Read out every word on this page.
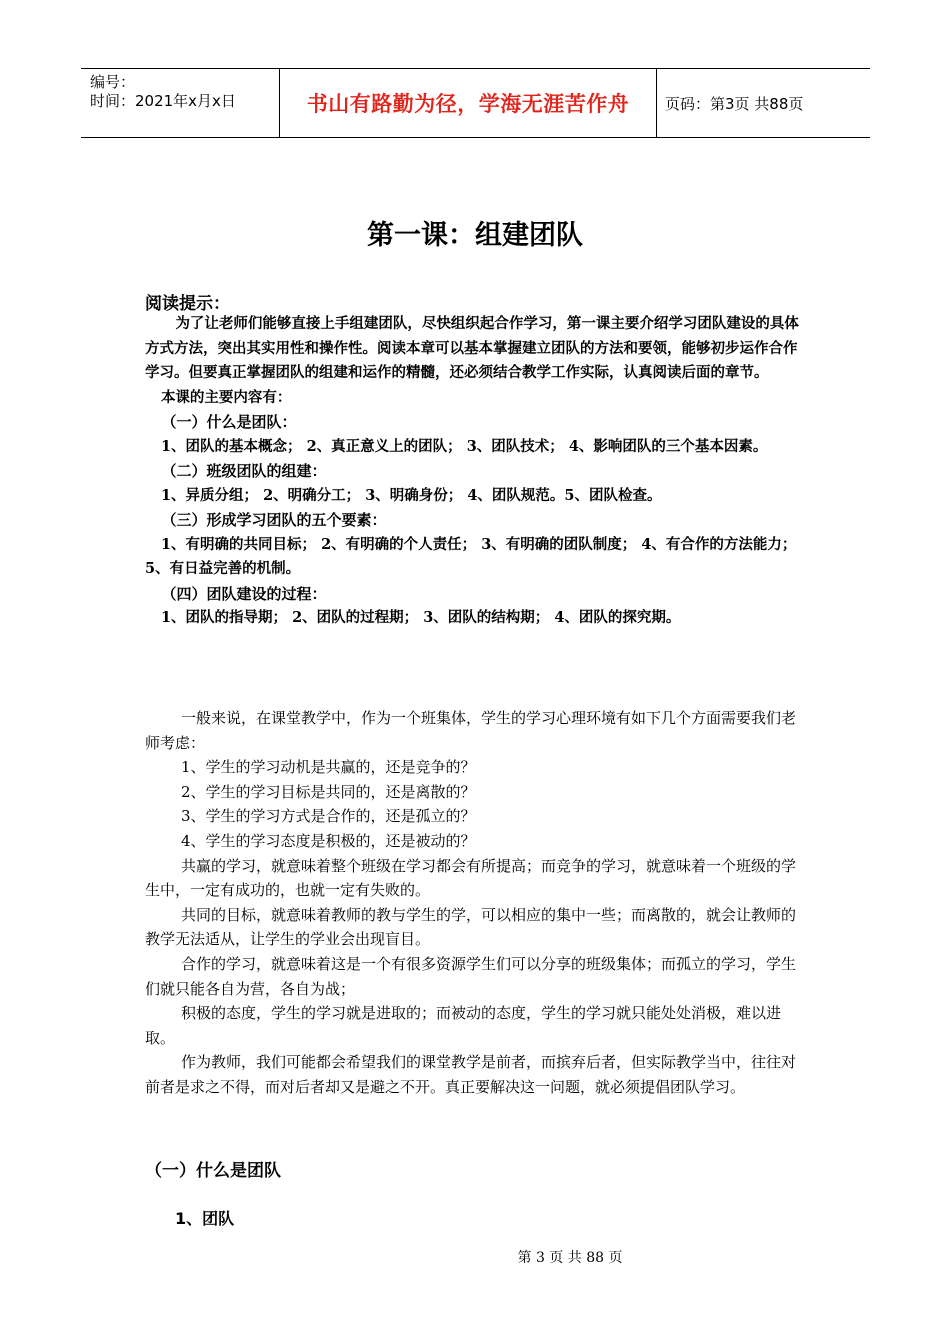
编号：
时间：2021年x月x日	书山有路勤为径，学海无涯苦作舟	页码：第3页 共88页
第一课：组建团队
阅读提示：

为了让老师们能够直接上手组建团队，尽快组织起合作学习，第一课主要介绍学习团队建设的具体方式方法，突出其实用性和操作性。阅读本章可以基本掌握建立团队的方法和要领，能够初步运作合作学习。但要真正掌握团队的组建和运作的精髓，还必须结合教学工作实际，认真阅读后面的章节。

本课的主要内容有：

（一）什么是团队：

1、团队的基本概念； 2、真正意义上的团队； 3、团队技术； 4、影响团队的三个基本因素。

（二）班级团队的组建：

1、异质分组； 2、明确分工； 3、明确身份； 4、团队规范。5、团队检查。

（三）形成学习团队的五个要素：

1、有明确的共同目标； 2、有明确的个人责任； 3、有明确的团队制度； 4、有合作的方法能力； 5、有日益完善的机制。

（四）团队建设的过程：

1、团队的指导期； 2、团队的过程期； 3、团队的结构期； 4、团队的探究期。

一般来说，在课堂教学中，作为一个班集体，学生的学习心理环境有如下几个方面需要我们老师考虑：

1、学生的学习动机是共赢的，还是竞争的？

2、学生的学习目标是共同的，还是离散的？

3、学生的学习方式是合作的，还是孤立的？

4、学生的学习态度是积极的，还是被动的？

共赢的学习，就意味着整个班级在学习都会有所提高；而竞争的学习，就意味着一个班级的学生中，一定有成功的，也就一定有失败的。

共同的目标，就意味着教师的教与学生的学，可以相应的集中一些；而离散的，就会让教师的教学无法适从，让学生的学业会出现盲目。

合作的学习，就意味着这是一个有很多资源学生们可以分享的班级集体；而孤立的学习，学生们就只能各自为营，各自为战；

积极的态度，学生的学习就是进取的；而被动的态度，学生的学习就只能处处消极，难以进取。

作为教师，我们可能都会希望我们的课堂教学是前者，而摈弃后者，但实际教学当中，往往对前者是求之不得，而对后者却又是避之不开。真正要解决这一问题，就必须提倡团队学习。

（一）什么是团队
1、团队
第 3 页 共 88 页
